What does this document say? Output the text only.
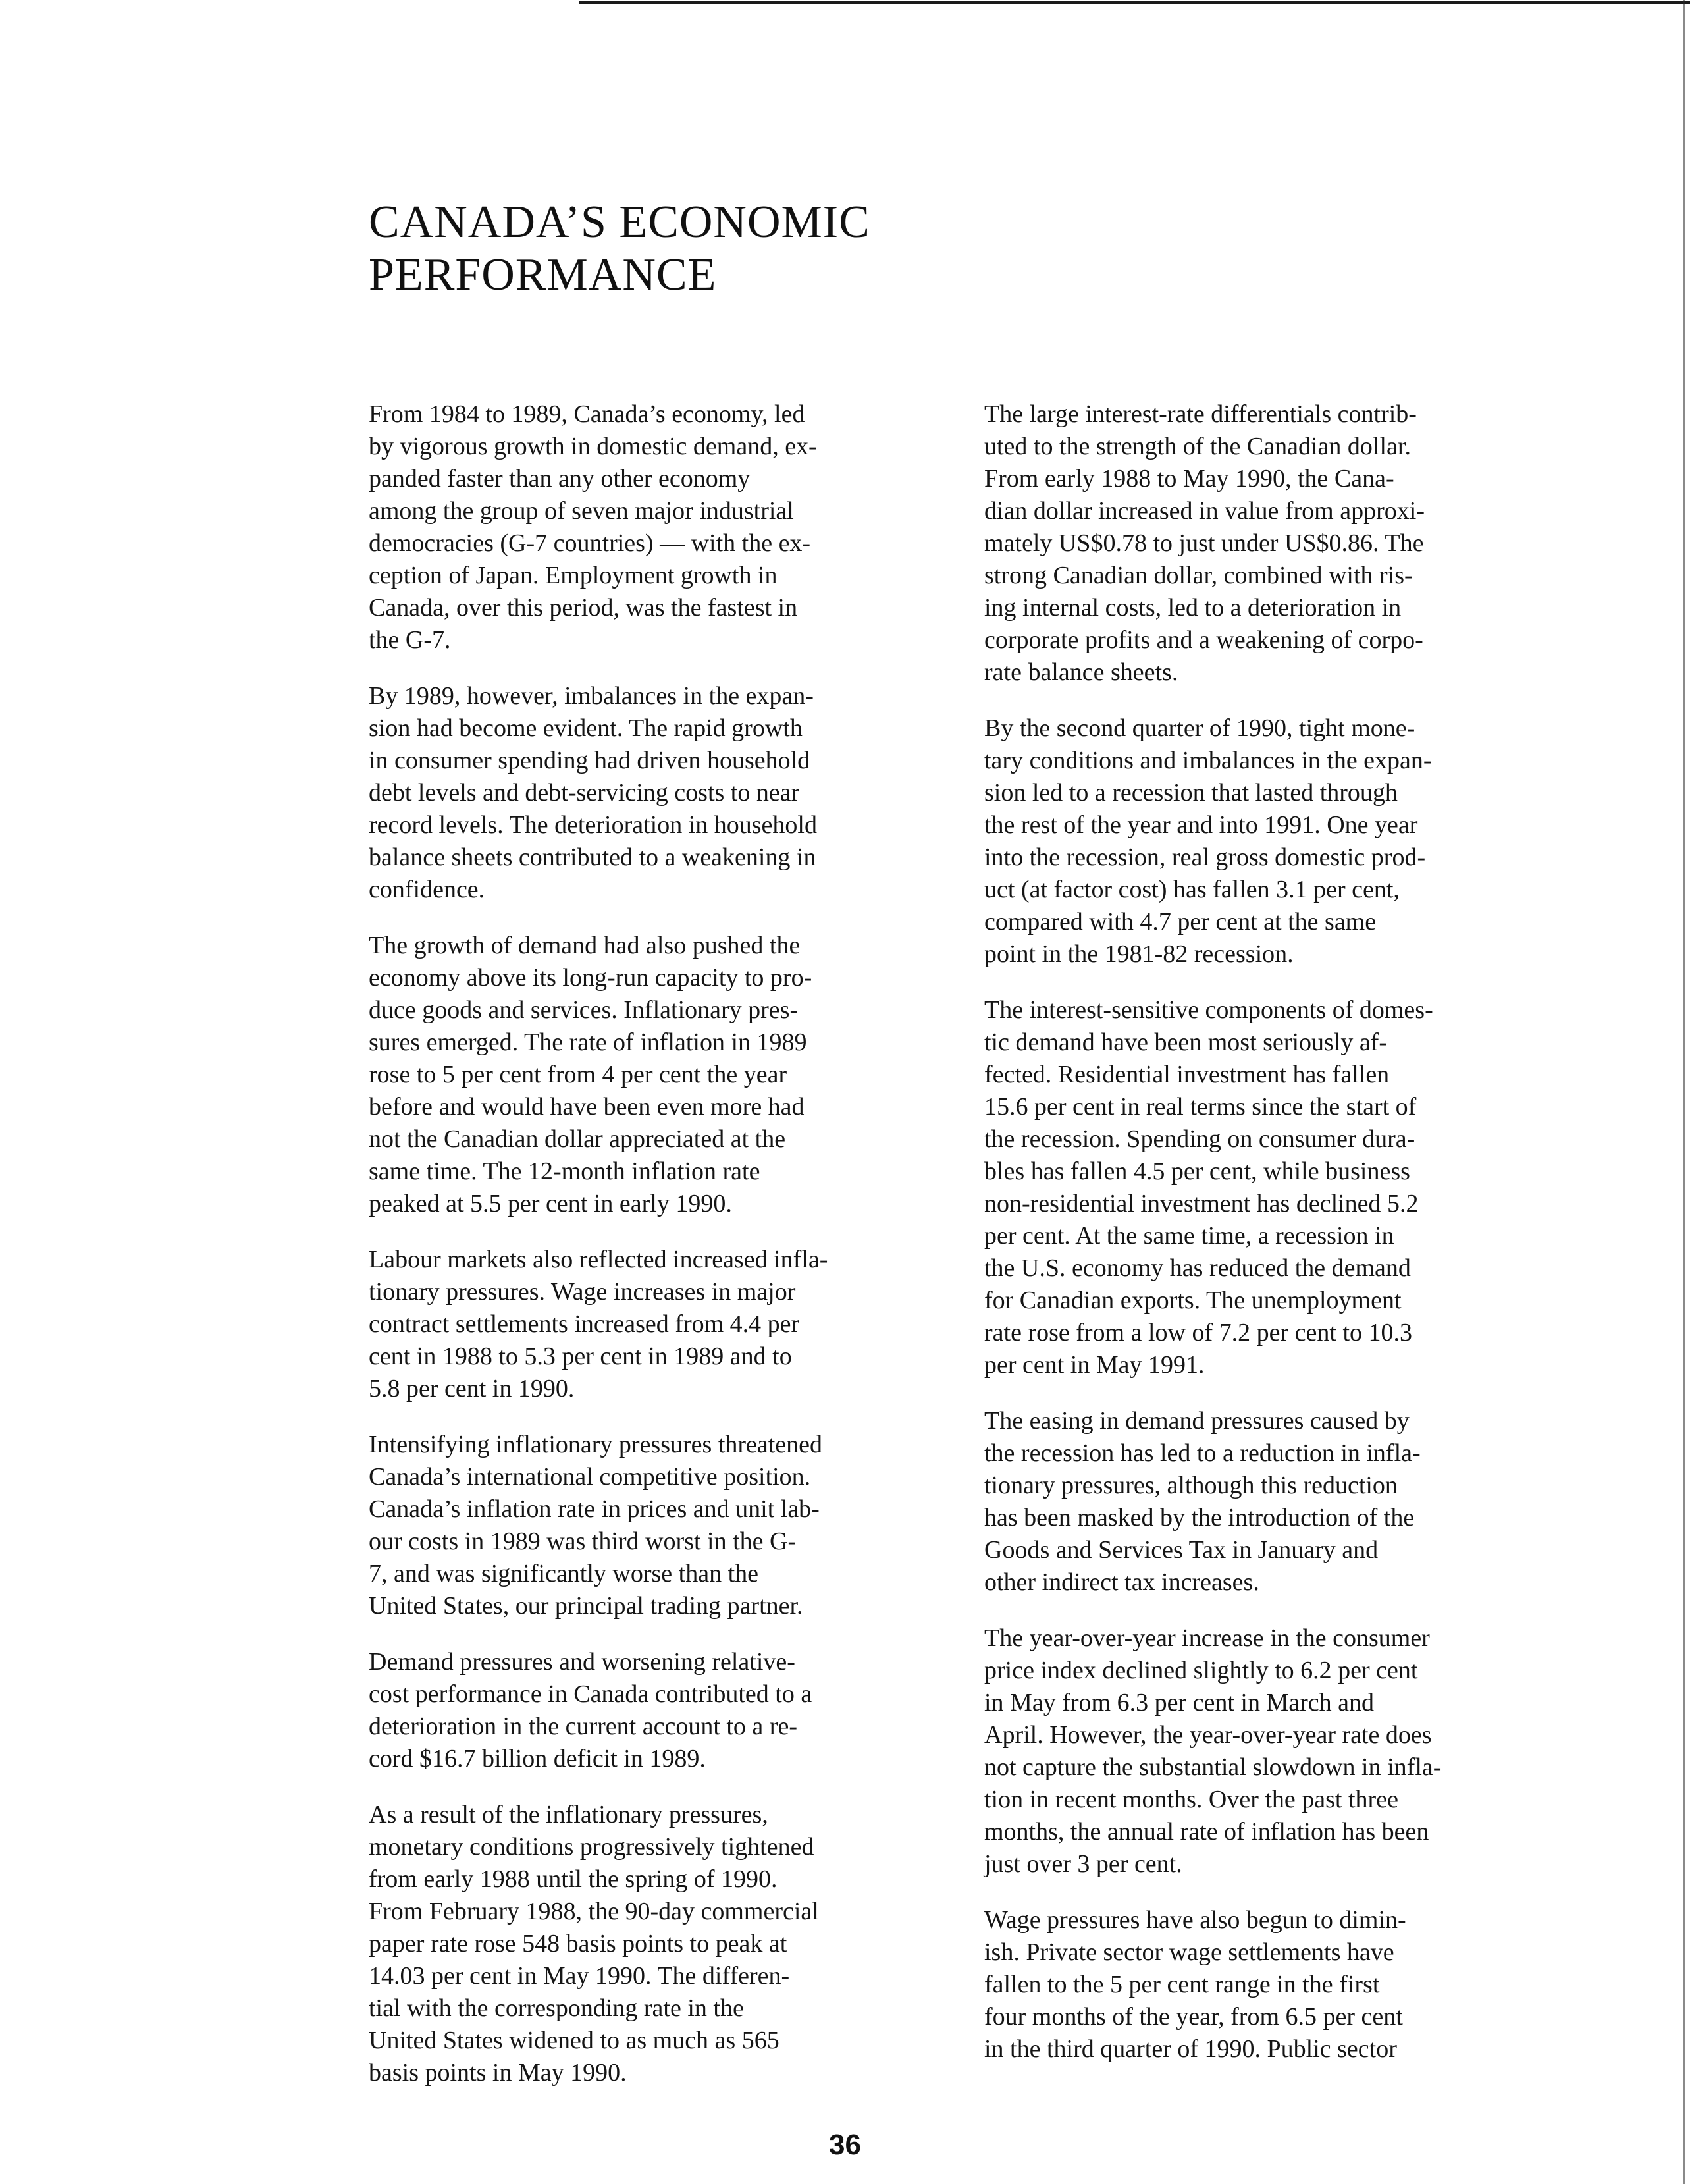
CANADA’S ECONOMIC
PERFORMANCE

From 1984 to 1989, Canada’s economy, led
by vigorous growth in domestic demand, ex-
panded faster than any other economy
among the group of seven major industrial
democracies (G-7 countries) — with the ex-
ception of Japan. Employment growth in
Canada, over this period, was the fastest in
the G-7.

By 1989, however, imbalances in the expan-
sion had become evident. The rapid growth
in consumer spending had driven household
debt levels and debt-servicing costs to near
record levels. The deterioration in household
balance sheets contributed to a weakening in
confidence.

The growth of demand had also pushed the
economy above its long-run capacity to pro-
duce goods and services. Inflationary pres-
sures emerged. The rate of inflation in 1989
rose to 5 per cent from 4 per cent the year
before and would have been even more had
not the Canadian dollar appreciated at the
same time. The 12-month inflation rate
peaked at 5.5 per cent in early 1990.

Labour markets also reflected increased infla-
tionary pressures. Wage increases in major
contract settlements increased from 4.4 per
cent in 1988 to 5.3 per cent in 1989 and to
5.8 per cent in 1990.

Intensifying inflationary pressures threatened
Canada’s international competitive position.
Canada’s inflation rate in prices and unit lab-
our costs in 1989 was third worst in the G-
7, and was significantly worse than the
United States, our principal trading partner.

Demand pressures and worsening relative-
cost performance in Canada contributed to a
deterioration in the current account to a re-
cord $16.7 billion deficit in 1989.

As a result of the inflationary pressures,
monetary conditions progressively tightened
from early 1988 until the spring of 1990.
From February 1988, the 90-day commercial
paper rate rose 548 basis points to peak at
14.03 per cent in May 1990. The differen-
tial with the corresponding rate in the
United States widened to as much as 565
basis points in May 1990.

The large interest-rate differentials contrib-
uted to the strength of the Canadian dollar.
From early 1988 to May 1990, the Cana-
dian dollar increased in value from approxi-
mately US$0.78 to just under US$0.86. The
strong Canadian dollar, combined with ris-
ing internal costs, led to a deterioration in
corporate profits and a weakening of corpo-
rate balance sheets.

By the second quarter of 1990, tight mone-
tary conditions and imbalances in the expan-
sion led to a recession that lasted through
the rest of the year and into 1991. One year
into the recession, real gross domestic prod-
uct (at factor cost) has fallen 3.1 per cent,
compared with 4.7 per cent at the same
point in the 1981-82 recession.

The interest-sensitive components of domes-
tic demand have been most seriously af-
fected. Residential investment has fallen
15.6 per cent in real terms since the start of
the recession. Spending on consumer dura-
bles has fallen 4.5 per cent, while business
non-residential investment has declined 5.2
per cent. At the same time, a recession in
the U.S. economy has reduced the demand
for Canadian exports. The unemployment
rate rose from a low of 7.2 per cent to 10.3
per cent in May 1991.

The easing in demand pressures caused by
the recession has led to a reduction in infla-
tionary pressures, although this reduction
has been masked by the introduction of the
Goods and Services Tax in January and
other indirect tax increases.

The year-over-year increase in the consumer
price index declined slightly to 6.2 per cent
in May from 6.3 per cent in March and
April. However, the year-over-year rate does
not capture the substantial slowdown in infla-
tion in recent months. Over the past three
months, the annual rate of inflation has been
just over 3 per cent.

Wage pressures have also begun to dimin-
ish. Private sector wage settlements have
fallen to the 5 per cent range in the first
four months of the year, from 6.5 per cent
in the third quarter of 1990. Public sector

36
